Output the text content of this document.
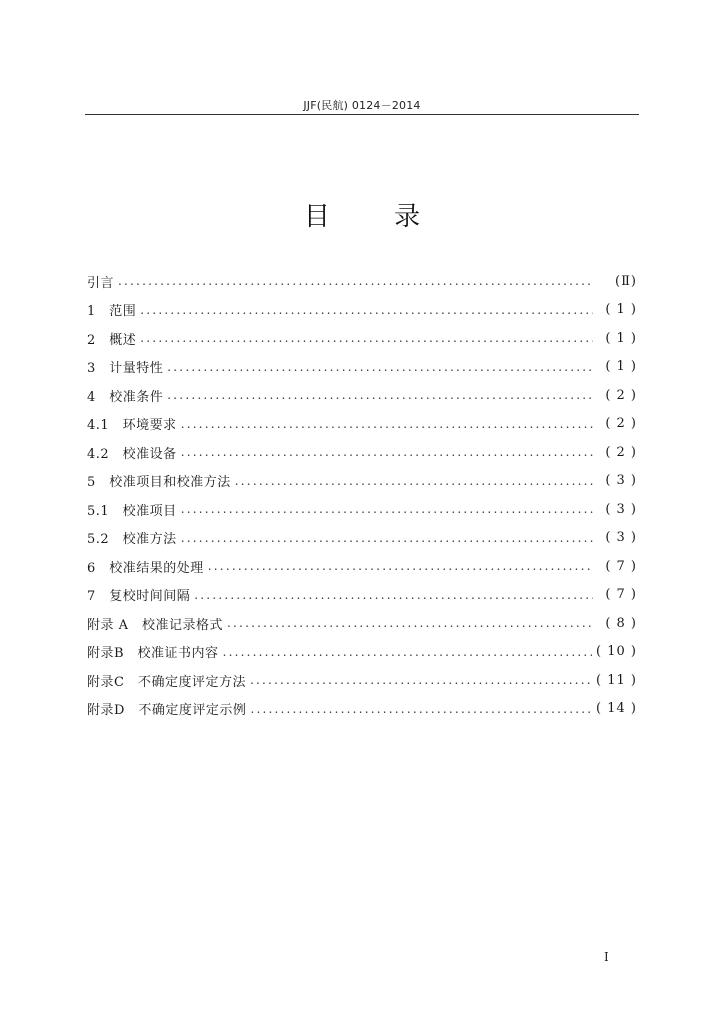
JJF(民航) 0124－2014
目 录
引言 .....	(Ⅱ)
1　范围 .....	( 1 )
2　概述 .....	( 1 )
3　计量特性 .....	( 1 )
4　校准条件 .....	( 2 )
4.1　环境要求 .....	( 2 )
4.2　校准设备 .....	( 2 )
5　校准项目和校准方法 .....	( 3 )
5.1　校准项目 .....	( 3 )
5.2　校准方法 .....	( 3 )
6　校准结果的处理 .....	( 7 )
7　复校时间间隔 .....	( 7 )
附录 A　校准记录格式 .....	( 8 )
附录B　校准证书内容 .....	( 10 )
附录C　不确定度评定方法 .....	( 11 )
附录D　不确定度评定示例 .....	( 14 )
I
